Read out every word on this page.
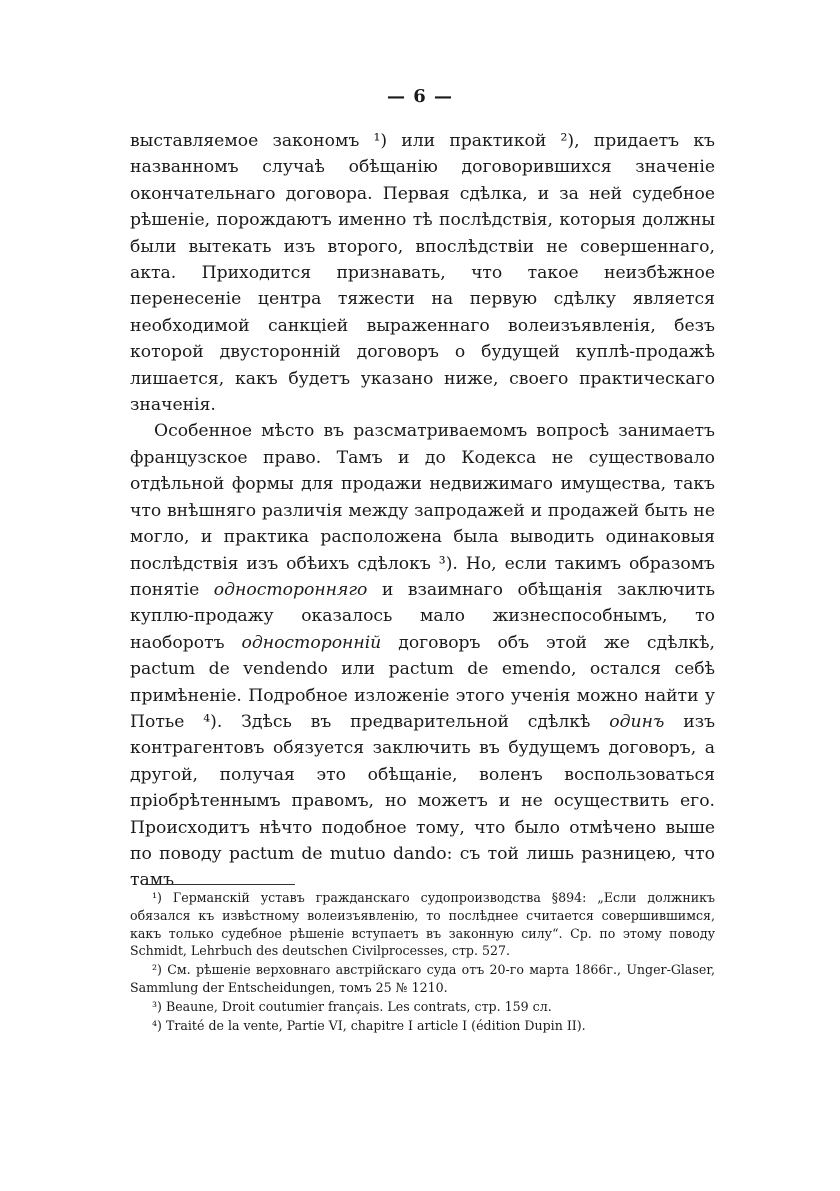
— 6 —

выставляемое закономъ ¹) или практикой ²), придаетъ къ названномъ случаѣ обѣщанію договорившихся значеніе окончательнаго договора. Первая сдѣлка, и за ней судебное рѣшеніе, порождаютъ именно тѣ послѣдствія, которыя должны были вытекать изъ второго, впослѣдствіи не совершеннаго, акта. Приходится признавать, что такое неизбѣжное перенесеніе центра тяжести на первую сдѣлку является необходимой санкціей выраженнаго волеизъявленія, безъ которой двусторонній договоръ о будущей куплѣ-продажѣ лишается, какъ будетъ указано ниже, своего практическаго значенія.

Особенное мѣсто въ разсматриваемомъ вопросѣ занимаетъ французское право. Тамъ и до Кодекса не существовало отдѣльной формы для продажи недвижимаго имущества, такъ что внѣшняго различія между запродажей и продажей быть не могло, и практика расположена была выводить одинаковыя послѣдствія изъ обѣихъ сдѣлокъ ³). Но, если такимъ образомъ понятіе односторонняго и взаимнаго обѣщанія заключить куплю-продажу оказалось мало жизнеспособнымъ, то наоборотъ односторонній договоръ объ этой же сдѣлкѣ, pactum de vendendo или pactum de emendo, остался себѣ примѣненіе. Подробное изложеніе этого ученія можно найти у Потье ⁴). Здѣсь въ предварительной сдѣлкѣ одинъ изъ контрагентовъ обязуется заключить въ будущемъ договоръ, а другой, получая это обѣщаніе, воленъ воспользоваться пріобрѣтеннымъ правомъ, но можетъ и не осуществить его. Происходитъ нѣчто подобное тому, что было отмѣчено выше по поводу pactum de mutuo dando: съ той лишь разницею, что тамъ

¹) Германскій уставъ гражданскаго судопроизводства §894: „Если должникъ обязался къ извѣстному волеизъявленію, то послѣднее считается совершившимся, какъ только судебное рѣшеніе вступаетъ въ законную силу“. Ср. по этому поводу Schmidt, Lehrbuch des deutschen Civilprocesses, стр. 527.

²) См. рѣшеніе верховнаго австрійскаго суда отъ 20-го марта 1866г., Unger-Glaser, Sammlung der Entscheidungen, томъ 25 № 1210.

³) Beaune, Droit coutumier français. Les contrats, стр. 159 сл.

⁴) Traité de la vente, Partie VI, chapitre I article I (édition Dupin II).
